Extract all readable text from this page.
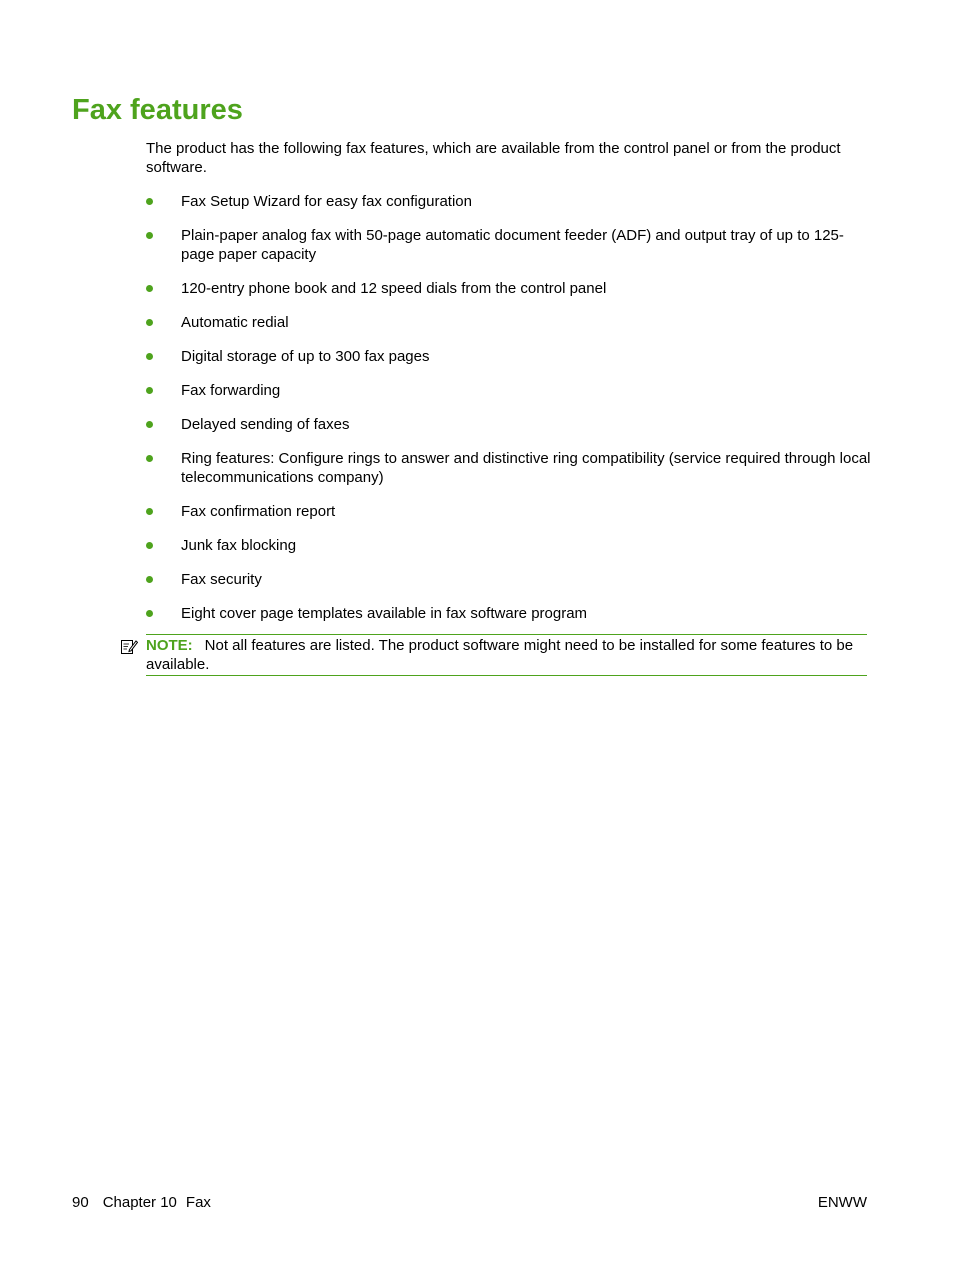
Fax features

The product has the following fax features, which are available from the control panel or from the product software.

Fax Setup Wizard for easy fax configuration
Plain-paper analog fax with 50-page automatic document feeder (ADF) and output tray of up to 125-page paper capacity
120-entry phone book and 12 speed dials from the control panel
Automatic redial
Digital storage of up to 300 fax pages
Fax forwarding
Delayed sending of faxes
Ring features: Configure rings to answer and distinctive ring compatibility (service required through local telecommunications company)
Fax confirmation report
Junk fax blocking
Fax security
Eight cover page templates available in fax software program
NOTE: Not all features are listed. The product software might need to be installed for some features to be available.
90 Chapter 10 Fax	ENWW
